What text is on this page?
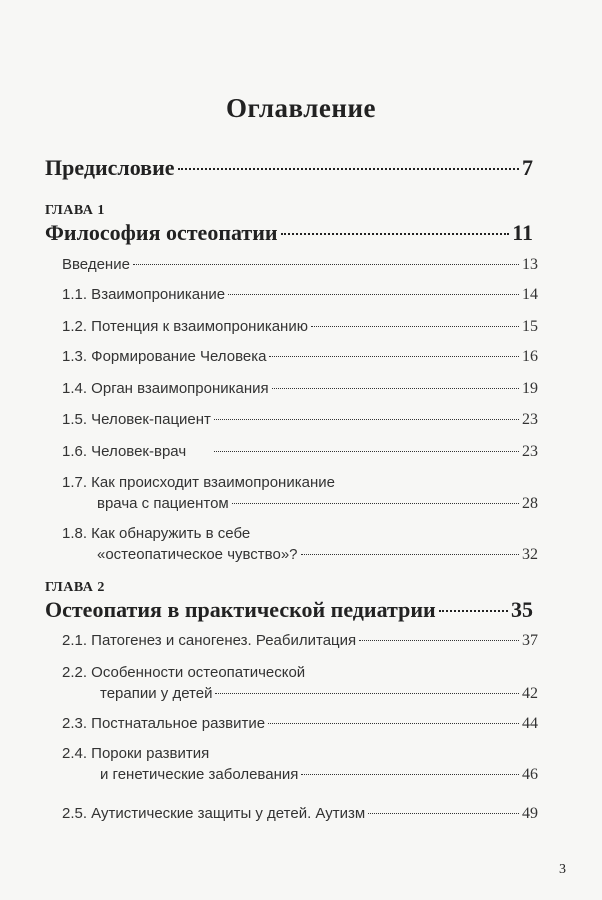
Оглавление
Предисловие	7
ГЛАВА 1
Философия остеопатии	11
Введение	13
1.1. Взаимопроникание	14
1.2. Потенция к взаимопроникани​ю	15
1.3. Формирование Человека	16
1.4. Орган взаимопроникания	19
1.5. Человек-пациент	23
1.6. Человек-врач	23
1.7. Как происходит взаимопроникание
врача с пациентом	28
1.8. Как обнаружить в себе
«остеопатическое чувство»?	32
ГЛАВА 2
Остеопатия в практической педиатрии	35
2.1. Патогенез и саногенез. Реабилитация	37
2.2. Особенности остеопатической
терапии у детей	42
2.3. Постнатальное развитие	44
2.4. Пороки развития
и генетические заболевания	46
2.5. Аутистические защиты у детей. Аутизм	49
3
